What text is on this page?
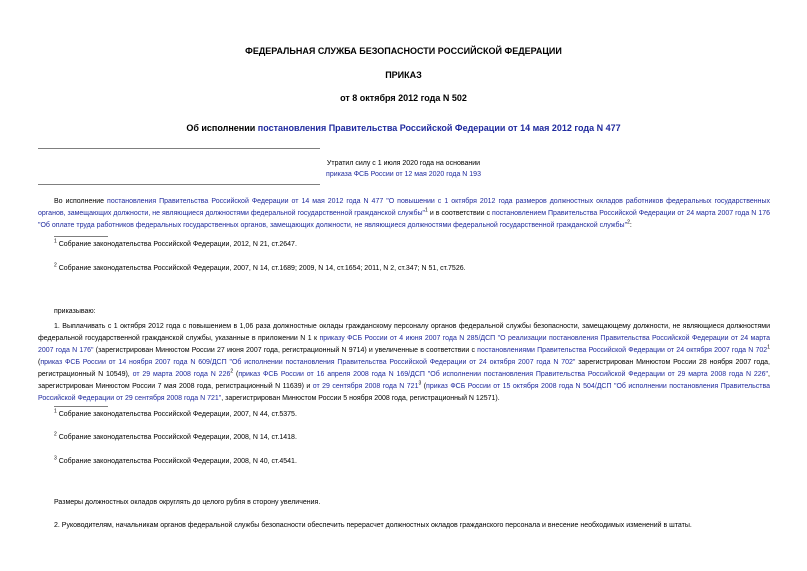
ФЕДЕРАЛЬНАЯ СЛУЖБА БЕЗОПАСНОСТИ РОССИЙСКОЙ ФЕДЕРАЦИИ
ПРИКАЗ
от 8 октября 2012 года N 502
Об исполнении постановления Правительства Российской Федерации от 14 мая 2012 года N 477
Утратил силу с 1 июля 2020 года на основании
приказа ФСБ России от 12 мая 2020 года N 193
Во исполнение постановления Правительства Российской Федерации от 14 мая 2012 года N 477 "О повышении с 1 октября 2012 года размеров должностных окладов работников федеральных государственных органов, замещающих должности, не являющиеся должностями федеральной государственной гражданской службы"$^1$ и в соответствии с постановлением Правительства Российской Федерации от 24 марта 2007 года N 176 "Об оплате труда работников федеральных государственных органов, замещающих должности, не являющиеся должностями федеральной государственной гражданской службы"$^2$:
$^1$ Собрание законодательства Российской Федерации, 2012, N 21, ст.2647.
$^2$ Собрание законодательства Российской Федерации, 2007, N 14, ст.1689; 2009, N 14, ст.1654; 2011, N 2, ст.347; N 51, ст.7526.
приказываю:
1. Выплачивать с 1 октября 2012 года с повышением в 1,06 раза должностные оклады гражданскому персоналу органов федеральной службы безопасности, замещающему должности, не являющиеся должностями федеральной государственной гражданской службы, указанные в приложении N 1 к приказу ФСБ России от 4 июня 2007 года N 285/ДСП "О реализации постановления Правительства Российской Федерации от 24 марта 2007 года N 176" (зарегистрирован Минюстом России 27 июня 2007 года, регистрационный N 9714) и увеличенные в соответствии с постановлениями Правительства Российской Федерации от 24 октября 2007 года N $702^1$ (приказ ФСБ России от 14 ноября 2007 года N 609/ДСП "Об исполнении постановления Правительства Российской Федерации от 24 октября 2007 года N 702" зарегистрирован Минюстом России 28 ноября 2007 года, регистрационный N 10549), от 29 марта 2008 года N $226^2$ (приказ ФСБ России от 16 апреля 2008 года N 169/ДСП "Об исполнении постановления Правительства Российской Федерации от 29 марта 2008 года N 226", зарегистрирован Минюстом России 7 мая 2008 года, регистрационный N 11639) и от 29 сентября 2008 года N $721^3$ (приказ ФСБ России от 15 октября 2008 года N 504/ДСП "Об исполнении постановления Правительства Российской Федерации от 29 сентября 2008 года N 721", зарегистрирован Минюстом России 5 ноября 2008 года, регистрационный N 12571).
$^1$ Собрание законодательства Российской Федерации, 2007, N 44, ст.5375.
$^2$ Собрание законодательства Российской Федерации, 2008, N 14, ст.1418.
$^3$ Собрание законодательства Российской Федерации, 2008, N 40, ст.4541.
Размеры должностных окладов округлять до целого рубля в сторону увеличения.
2. Руководителям, начальникам органов федеральной службы безопасности обеспечить перерасчет должностных окладов гражданского персонала и внесение необходимых изменений в штаты.
